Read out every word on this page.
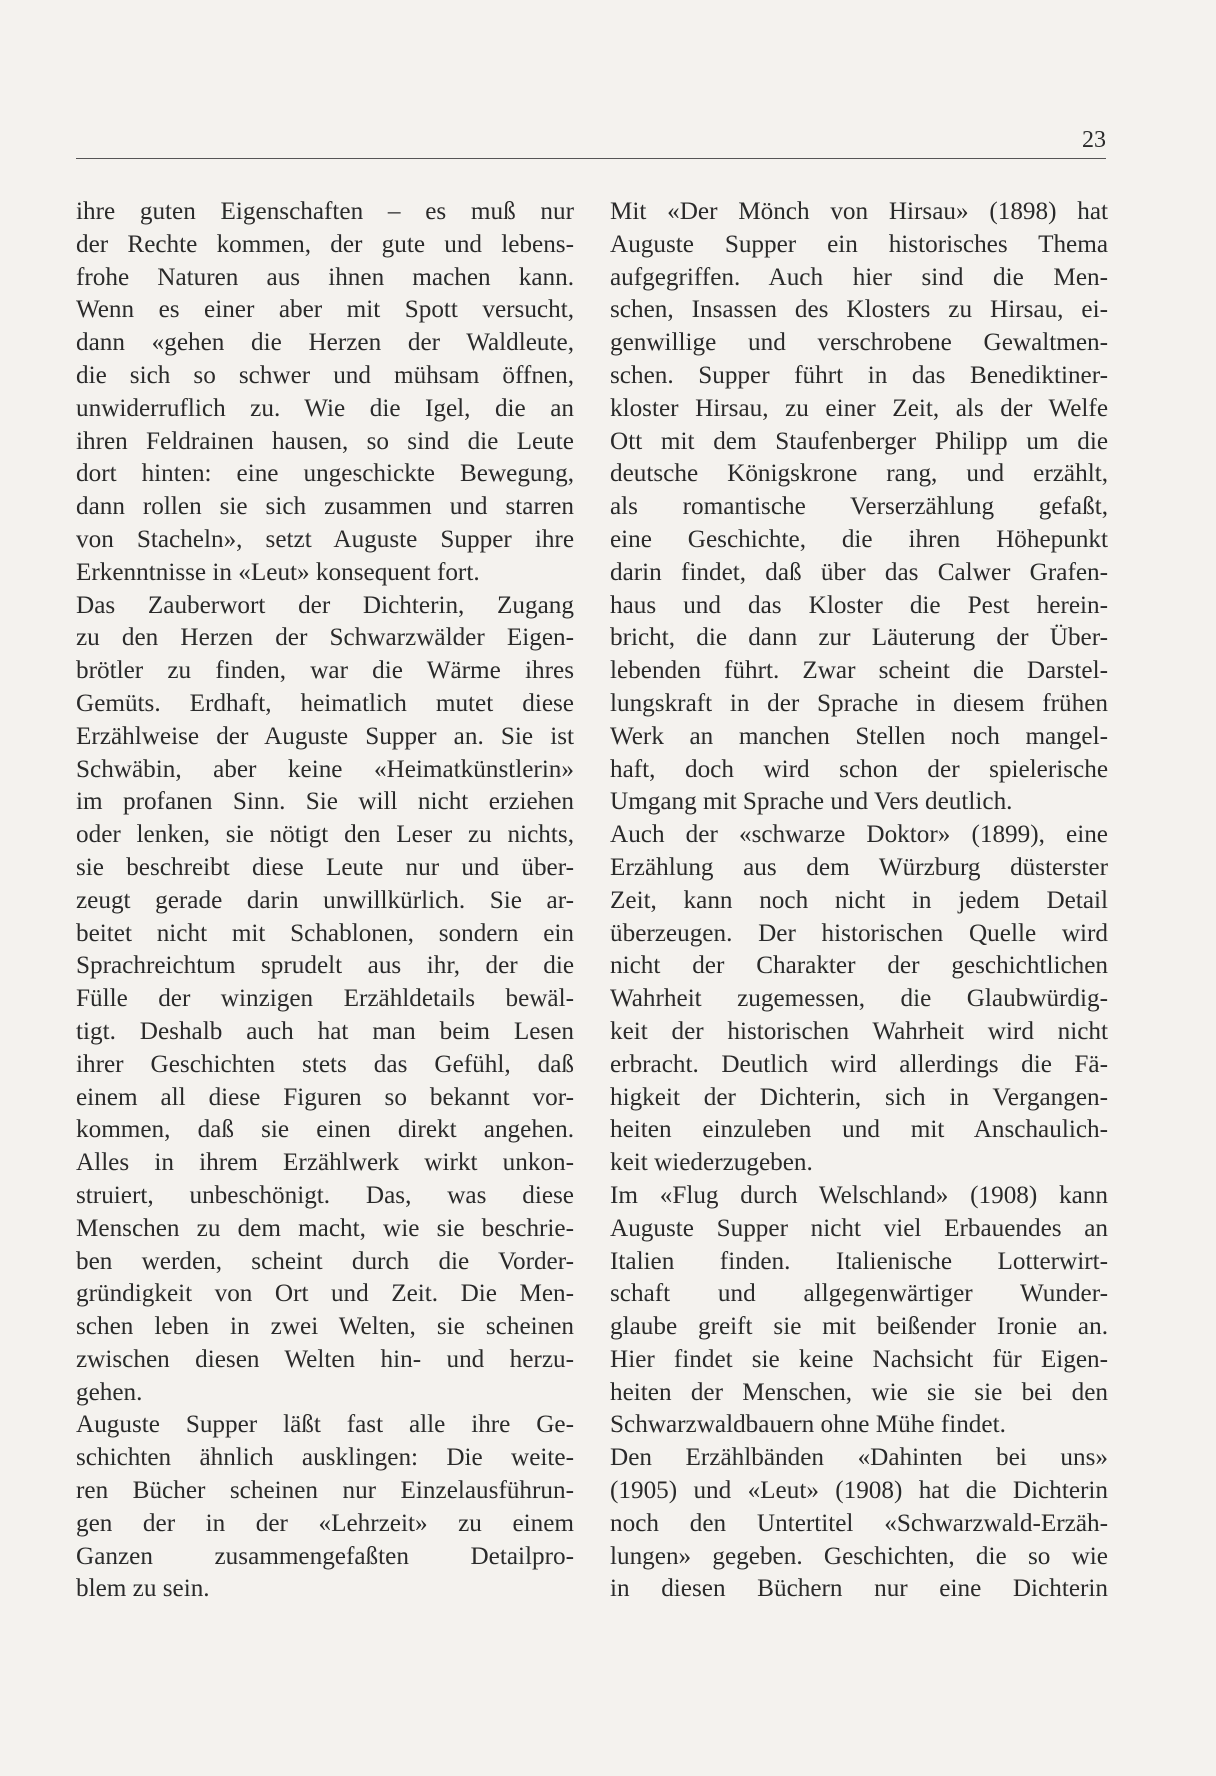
23
ihre guten Eigenschaften – es muß nur
der Rechte kommen, der gute und lebens-
frohe Naturen aus ihnen machen kann.
Wenn es einer aber mit Spott versucht,
dann «gehen die Herzen der Waldleute,
die sich so schwer und mühsam öffnen,
unwiderruflich zu. Wie die Igel, die an
ihren Feldrainen hausen, so sind die Leute
dort hinten: eine ungeschickte Bewegung,
dann rollen sie sich zusammen und starren
von Stacheln», setzt Auguste Supper ihre
Erkenntnisse in «Leut» konsequent fort.
Das Zauberwort der Dichterin, Zugang
zu den Herzen der Schwarzwälder Eigen-
brötler zu finden, war die Wärme ihres
Gemüts. Erdhaft, heimatlich mutet diese
Erzählweise der Auguste Supper an. Sie ist
Schwäbin, aber keine «Heimatkünstlerin»
im profanen Sinn. Sie will nicht erziehen
oder lenken, sie nötigt den Leser zu nichts,
sie beschreibt diese Leute nur und über-
zeugt gerade darin unwillkürlich. Sie ar-
beitet nicht mit Schablonen, sondern ein
Sprachreichtum sprudelt aus ihr, der die
Fülle der winzigen Erzähldetails bewäl-
tigt. Deshalb auch hat man beim Lesen
ihrer Geschichten stets das Gefühl, daß
einem all diese Figuren so bekannt vor-
kommen, daß sie einen direkt angehen.
Alles in ihrem Erzählwerk wirkt unkon-
struiert, unbeschönigt. Das, was diese
Menschen zu dem macht, wie sie beschrie-
ben werden, scheint durch die Vorder-
gründigkeit von Ort und Zeit. Die Men-
schen leben in zwei Welten, sie scheinen
zwischen diesen Welten hin- und herzu-
gehen.
Auguste Supper läßt fast alle ihre Ge-
schichten ähnlich ausklingen: Die weite-
ren Bücher scheinen nur Einzelausführun-
gen der in der «Lehrzeit» zu einem
Ganzen zusammengefaßten Detailpro-
blem zu sein.
Mit «Der Mönch von Hirsau» (1898) hat
Auguste Supper ein historisches Thema
aufgegriffen. Auch hier sind die Men-
schen, Insassen des Klosters zu Hirsau, ei-
genwillige und verschrobene Gewaltmen-
schen. Supper führt in das Benediktiner-
kloster Hirsau, zu einer Zeit, als der Welfe
Ott mit dem Staufenberger Philipp um die
deutsche Königskrone rang, und erzählt,
als romantische Verserzählung gefaßt,
eine Geschichte, die ihren Höhepunkt
darin findet, daß über das Calwer Grafen-
haus und das Kloster die Pest herein-
bricht, die dann zur Läuterung der Über-
lebenden führt. Zwar scheint die Darstel-
lungskraft in der Sprache in diesem frühen
Werk an manchen Stellen noch mangel-
haft, doch wird schon der spielerische
Umgang mit Sprache und Vers deutlich.
Auch der «schwarze Doktor» (1899), eine
Erzählung aus dem Würzburg düsterster
Zeit, kann noch nicht in jedem Detail
überzeugen. Der historischen Quelle wird
nicht der Charakter der geschichtlichen
Wahrheit zugemessen, die Glaubwürdig-
keit der historischen Wahrheit wird nicht
erbracht. Deutlich wird allerdings die Fä-
higkeit der Dichterin, sich in Vergangen-
heiten einzuleben und mit Anschaulich-
keit wiederzugeben.
Im «Flug durch Welschland» (1908) kann
Auguste Supper nicht viel Erbauendes an
Italien finden. Italienische Lotterwirt-
schaft und allgegenwärtiger Wunder-
glaube greift sie mit beißender Ironie an.
Hier findet sie keine Nachsicht für Eigen-
heiten der Menschen, wie sie sie bei den
Schwarzwaldbauern ohne Mühe findet.
Den Erzählbänden «Dahinten bei uns»
(1905) und «Leut» (1908) hat die Dichterin
noch den Untertitel «Schwarzwald-Erzäh-
lungen» gegeben. Geschichten, die so wie
in diesen Büchern nur eine Dichterin
